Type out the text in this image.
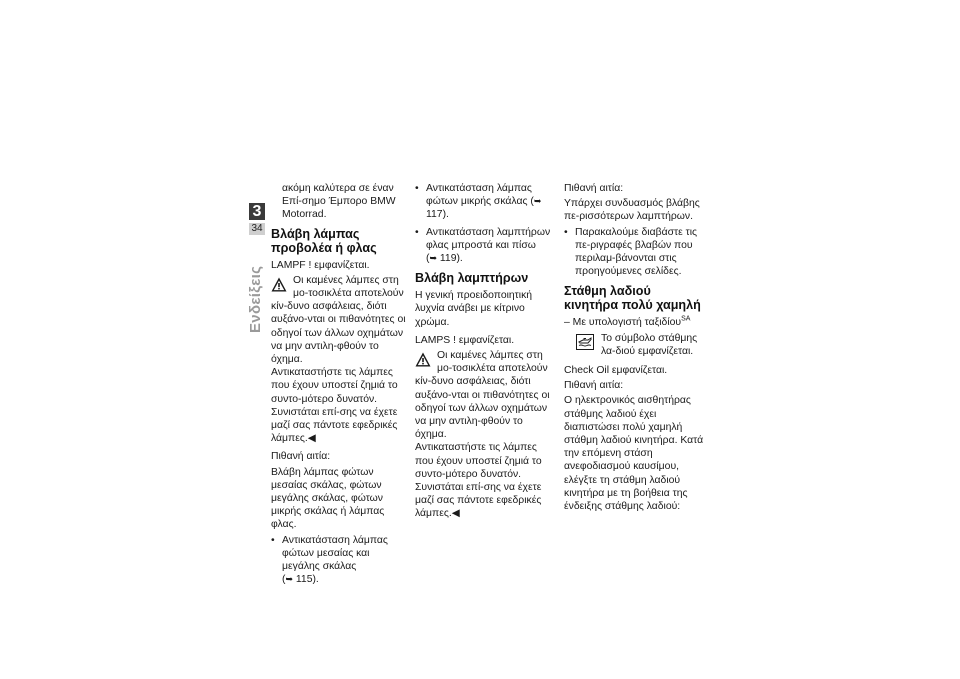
3
34
Ενδείξεις

ακόμη καλύτερα σε έναν Επί-σημο Έμπορο BMW Motorrad.

Βλάβη λάμπας προβολέα ή φλας

LAMPF ! εμφανίζεται.

Οι καμένες λάμπες στη μο-τοσικλέτα αποτελούν κίν-δυνο ασφάλειας, διότι αυξάνο-νται οι πιθανότητες οι οδηγοί των άλλων οχημάτων να μην αντιλη-φθούν το όχημα.

Αντικαταστήστε τις λάμπες που έχουν υποστεί ζημιά το συντο-μότερο δυνατόν. Συνιστάται επί-σης να έχετε μαζί σας πάντοτε εφεδρικές λάμπες.◀

Πιθανή αιτία:

Βλάβη λάμπας φώτων μεσαίας σκάλας, φώτων μεγάλης σκάλας, φώτων μικρής σκάλας ή λάμπας φλας.

• Αντικατάσταση λάμπας φώτων μεσαίας και μεγάλης σκάλας
(➥ 115).
• Αντικατάσταση λάμπας φώτων μικρής σκάλας (➥ 117).
• Αντικατάσταση λαμπτήρων φλας μπροστά και πίσω
(➥ 119).
Βλάβη λαμπτήρων

Η γενική προειδοποιητική λυχνία ανάβει με κίτρινο χρώμα.

LAMPS ! εμφανίζεται.

Οι καμένες λάμπες στη μο-τοσικλέτα αποτελούν κίν-δυνο ασφάλειας, διότι αυξάνο-νται οι πιθανότητες οι οδηγοί των άλλων οχημάτων να μην αντιλη-φθούν το όχημα.

Αντικαταστήστε τις λάμπες που έχουν υποστεί ζημιά το συντο-μότερο δυνατόν. Συνιστάται επί-σης να έχετε μαζί σας πάντοτε εφεδρικές λάμπες.◀

Πιθανή αιτία:

Υπάρχει συνδυασμός βλάβης πε-ρισσότερων λαμπτήρων.

• Παρακαλούμε διαβάστε τις πε-ριγραφές βλαβών που περιλαμ-βάνονται στις προηγούμενες σελίδες.
Στάθμη λαδιού κινητήρα πολύ χαμηλή

– Με υπολογιστή ταξιδίου$^{SA}$

Το σύμβολο στάθμης λα-διού εμφανίζεται.

Check Oil εμφανίζεται.

Πιθανή αιτία:

Ο ηλεκτρονικός αισθητήρας στάθμης λαδιού έχει διαπιστώσει πολύ χαμηλή στάθμη λαδιού κινητήρα. Κατά την επόμενη στάση ανεφοδιασμού καυσίμου, ελέγξτε τη στάθμη λαδιού κινητήρα με τη βοήθεια της ένδειξης στάθμης λαδιού:
